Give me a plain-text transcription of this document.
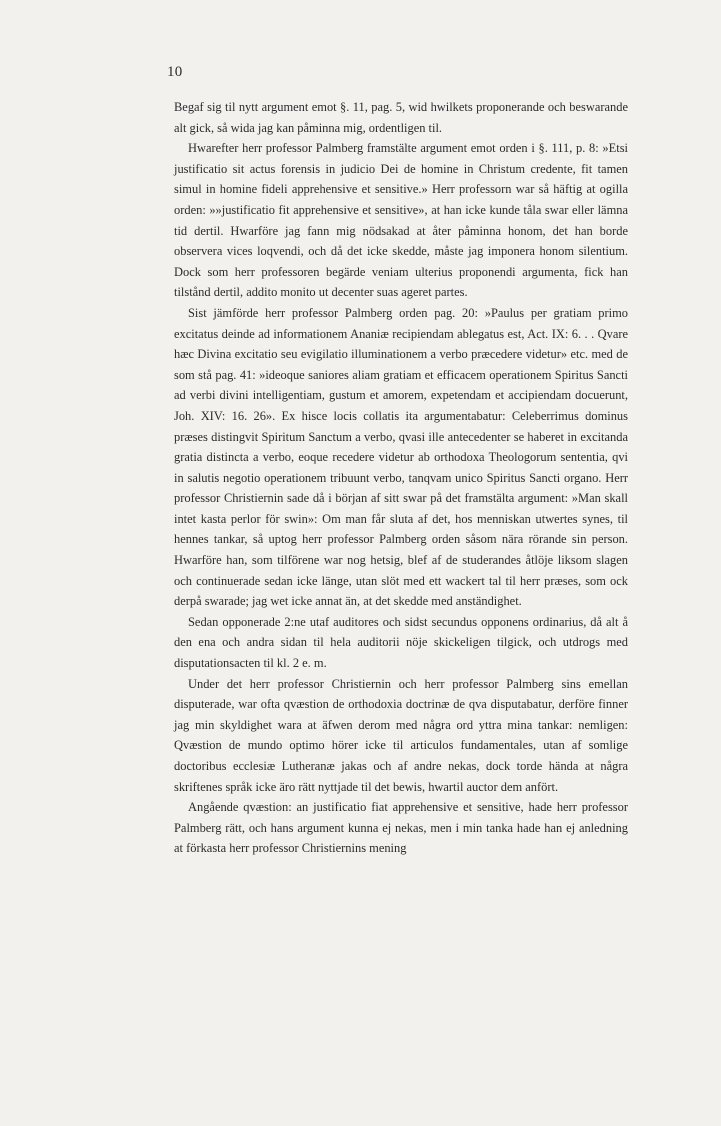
10

Begaf sig til nytt argument emot §. 11, pag. 5, wid hwilkets proponerande och beswarande alt gick, så wida jag kan påminna mig, ordentligen til.

Hwarefter herr professor Palmberg framstälte argument emot orden i §. 111, p. 8: »Etsi justificatio sit actus forensis in judicio Dei de homine in Christum credente, fit tamen simul in homine fideli apprehensive et sensitive.» Herr professorn war så häftig at ogilla orden: »»justificatio fit apprehensive et sensitive», at han icke kunde tåla swar eller lämna tid dertil. Hwarföre jag fann mig nödsakad at åter påminna honom, det han borde observera vices loqvendi, och då det icke skedde, måste jag imponera honom silentium. Dock som herr professoren begärde veniam ulterius proponendi argumenta, fick han tilstånd dertil, addito monito ut decenter suas ageret partes.

Sist jämförde herr professor Palmberg orden pag. 20: »Paulus per gratiam primo excitatus deinde ad informationem Ananiæ recipiendam ablegatus est, Act. IX: 6. . . Qvare hæc Divina excitatio seu evigilatio illuminationem a verbo præcedere videtur» etc. med de som stå pag. 41: »ideoque saniores aliam gratiam et efficacem operationem Spiritus Sancti ad verbi divini intelligentiam, gustum et amorem, expetendam et accipiendam docuerunt, Joh. XIV: 16. 26». Ex hisce locis collatis ita argumentabatur: Celeberrimus dominus præses distingvit Spiritum Sanctum a verbo, qvasi ille antecedenter se haberet in excitanda gratia distincta a verbo, eoque recedere videtur ab orthodoxa Theologorum sententia, qvi in salutis negotio operationem tribuunt verbo, tanqvam unico Spiritus Sancti organo. Herr professor Christiernin sade då i början af sitt swar på det framstälta argument: »Man skall intet kasta perlor för swin»: Om man får sluta af det, hos menniskan utwertes synes, til hennes tankar, så uptog herr professor Palmberg orden såsom nära rörande sin person. Hwarföre han, som tilförene war nog hetsig, blef af de studerandes åtlöje liksom slagen och continuerade sedan icke länge, utan slöt med ett wackert tal til herr præses, som ock derpå swarade; jag wet icke annat än, at det skedde med anständighet.

Sedan opponerade 2:ne utaf auditores och sidst secundus opponens ordinarius, då alt å den ena och andra sidan til hela auditorii nöje skickeligen tilgick, och utdrogs med disputationsacten til kl. 2 e. m.

Under det herr professor Christiernin och herr professor Palmberg sins emellan disputerade, war ofta qvæstion de orthodoxia doctrinæ de qva disputabatur, derföre finner jag min skyldighet wara at äfwen derom med några ord yttra mina tankar: nemligen: Qvæstion de mundo optimo hörer icke til articulos fundamentales, utan af somlige doctoribus ecclesiæ Lutheranæ jakas och af andre nekas, dock torde hända at några skriftenes språk icke äro rätt nyttjade til det bewis, hwartil auctor dem anfört.

Angående qvæstion: an justificatio fiat apprehensive et sensitive, hade herr professor Palmberg rätt, och hans argument kunna ej nekas, men i min tanka hade han ej anledning at förkasta herr professor Christiernins mening
